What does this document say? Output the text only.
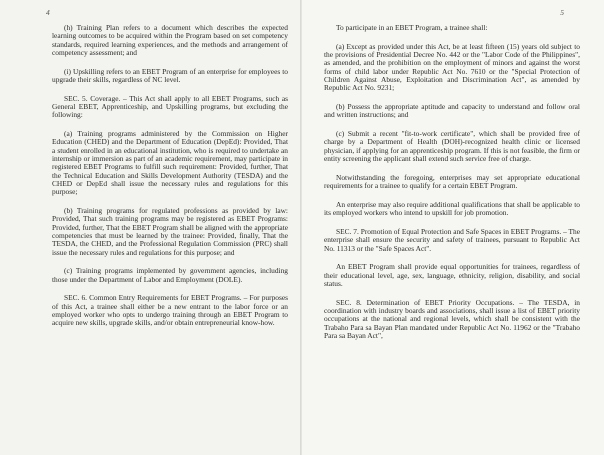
4

(h) Training Plan refers to a document which describes the expected learning outcomes to be acquired within the Program based on set competency standards, required learning experiences, and the methods and arrangement of competency assessment; and

(i) Upskilling refers to an EBET Program of an enterprise for employees to upgrade their skills, regardless of NC level.

SEC. 5. Coverage. – This Act shall apply to all EBET Programs, such as General EBET, Apprenticeship, and Upskilling programs, but excluding the following:

(a) Training programs administered by the Commission on Higher Education (CHED) and the Department of Education (DepEd): Provided, That a student enrolled in an educational institution, who is required to undertake an internship or immersion as part of an academic requirement, may participate in registered EBET Programs to fulfill such requirement: Provided, further, That the Technical Education and Skills Development Authority (TESDA) and the CHED or DepEd shall issue the necessary rules and regulations for this purpose;

(b) Training programs for regulated professions as provided by law: Provided, That such training programs may be registered as EBET Programs: Provided, further, That the EBET Program shall be aligned with the appropriate competencies that must be learned by the trainee: Provided, finally, That the TESDA, the CHED, and the Professional Regulation Commission (PRC) shall issue the necessary rules and regulations for this purpose; and

(c) Training programs implemented by government agencies, including those under the Department of Labor and Employment (DOLE).

SEC. 6. Common Entry Requirements for EBET Programs. – For purposes of this Act, a trainee shall either be a new entrant to the labor force or an employed worker who opts to undergo training through an EBET Program to acquire new skills, upgrade skills, and/or obtain entrepreneurial know-how.

5

To participate in an EBET Program, a trainee shall:

(a) Except as provided under this Act, be at least fifteen (15) years old subject to the provisions of Presidential Decree No. 442 or the "Labor Code of the Philippines", as amended, and the prohibition on the employment of minors and against the worst forms of child labor under Republic Act No. 7610 or the "Special Protection of Children Against Abuse, Exploitation and Discrimination Act", as amended by Republic Act No. 9231;

(b) Possess the appropriate aptitude and capacity to understand and follow oral and written instructions; and

(c) Submit a recent "fit-to-work certificate", which shall be provided free of charge by a Department of Health (DOH)-recognized health clinic or licensed physician, if applying for an apprenticeship program. If this is not feasible, the firm or entity screening the applicant shall extend such service free of charge.

Notwithstanding the foregoing, enterprises may set appropriate educational requirements for a trainee to qualify for a certain EBET Program.

An enterprise may also require additional qualifications that shall be applicable to its employed workers who intend to upskill for job promotion.

SEC. 7. Promotion of Equal Protection and Safe Spaces in EBET Programs. – The enterprise shall ensure the security and safety of trainees, pursuant to Republic Act No. 11313 or the "Safe Spaces Act".

An EBET Program shall provide equal opportunities for trainees, regardless of their educational level, age, sex, language, ethnicity, religion, disability, and social status.

SEC. 8. Determination of EBET Priority Occupations. – The TESDA, in coordination with industry boards and associations, shall issue a list of EBET priority occupations at the national and regional levels, which shall be consistent with the Trabaho Para sa Bayan Plan mandated under Republic Act No. 11962 or the "Trabaho Para sa Bayan Act",
